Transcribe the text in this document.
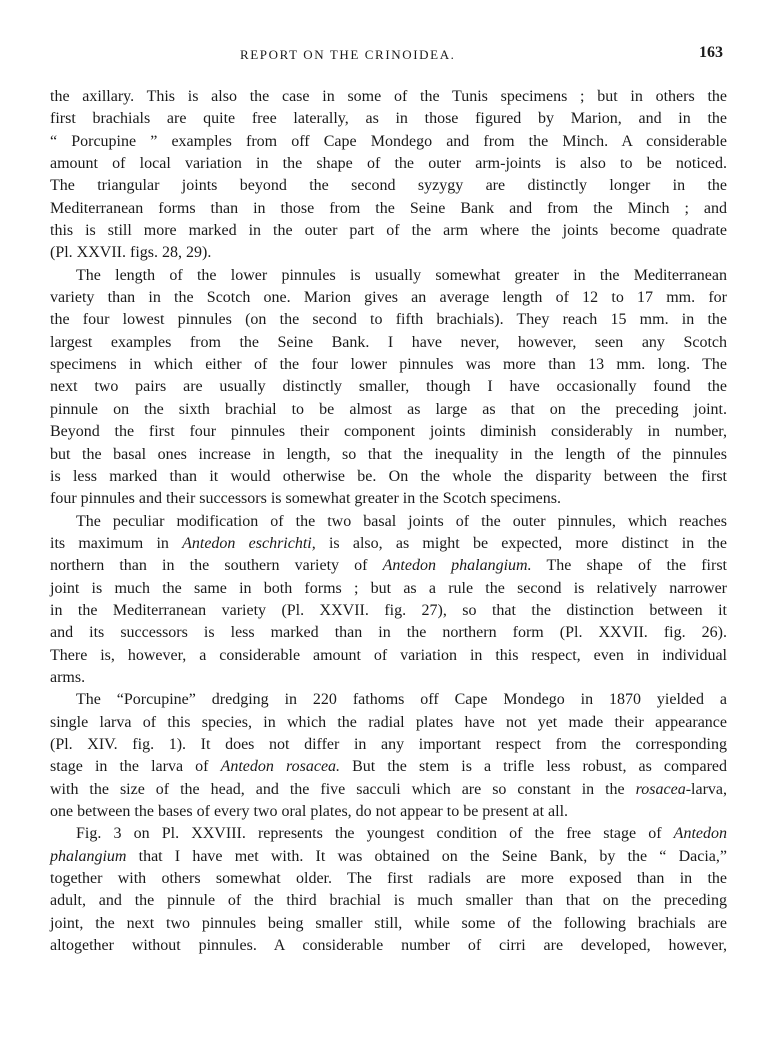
REPORT ON THE CRINOIDEA.	163
the axillary. This is also the case in some of the Tunis specimens ; but in others the
first brachials are quite free laterally, as in those figured by Marion, and in the
“ Porcupine ” examples from off Cape Mondego and from the Minch. A considerable
amount of local variation in the shape of the outer arm-joints is also to be noticed.
The triangular joints beyond the second syzygy are distinctly longer in the
Mediterranean forms than in those from the Seine Bank and from the Minch ; and
this is still more marked in the outer part of the arm where the joints become quadrate
(Pl. XXVII. figs. 28, 29).
The length of the lower pinnules is usually somewhat greater in the Mediterranean
variety than in the Scotch one. Marion gives an average length of 12 to 17 mm. for
the four lowest pinnules (on the second to fifth brachials). They reach 15 mm. in the
largest examples from the Seine Bank. I have never, however, seen any Scotch
specimens in which either of the four lower pinnules was more than 13 mm. long. The
next two pairs are usually distinctly smaller, though I have occasionally found the
pinnule on the sixth brachial to be almost as large as that on the preceding joint.
Beyond the first four pinnules their component joints diminish considerably in number,
but the basal ones increase in length, so that the inequality in the length of the pinnules
is less marked than it would otherwise be. On the whole the disparity between the first
four pinnules and their successors is somewhat greater in the Scotch specimens.
The peculiar modification of the two basal joints of the outer pinnules, which reaches
its maximum in Antedon eschrichti, is also, as might be expected, more distinct in the
northern than in the southern variety of Antedon phalangium. The shape of the first
joint is much the same in both forms ; but as a rule the second is relatively narrower
in the Mediterranean variety (Pl. XXVII. fig. 27), so that the distinction between it
and its successors is less marked than in the northern form (Pl. XXVII. fig. 26).
There is, however, a considerable amount of variation in this respect, even in individual
arms.
The “Porcupine” dredging in 220 fathoms off Cape Mondego in 1870 yielded a
single larva of this species, in which the radial plates have not yet made their appearance
(Pl. XIV. fig. 1). It does not differ in any important respect from the corresponding
stage in the larva of Antedon rosacea. But the stem is a trifle less robust, as compared
with the size of the head, and the five sacculi which are so constant in the rosacea-larva,
one between the bases of every two oral plates, do not appear to be present at all.
Fig. 3 on Pl. XXVIII. represents the youngest condition of the free stage of Antedon
phalangium that I have met with. It was obtained on the Seine Bank, by the “ Dacia,”
together with others somewhat older. The first radials are more exposed than in the
adult, and the pinnule of the third brachial is much smaller than that on the preceding
joint, the next two pinnules being smaller still, while some of the following brachials are
altogether without pinnules. A considerable number of cirri are developed, however,
